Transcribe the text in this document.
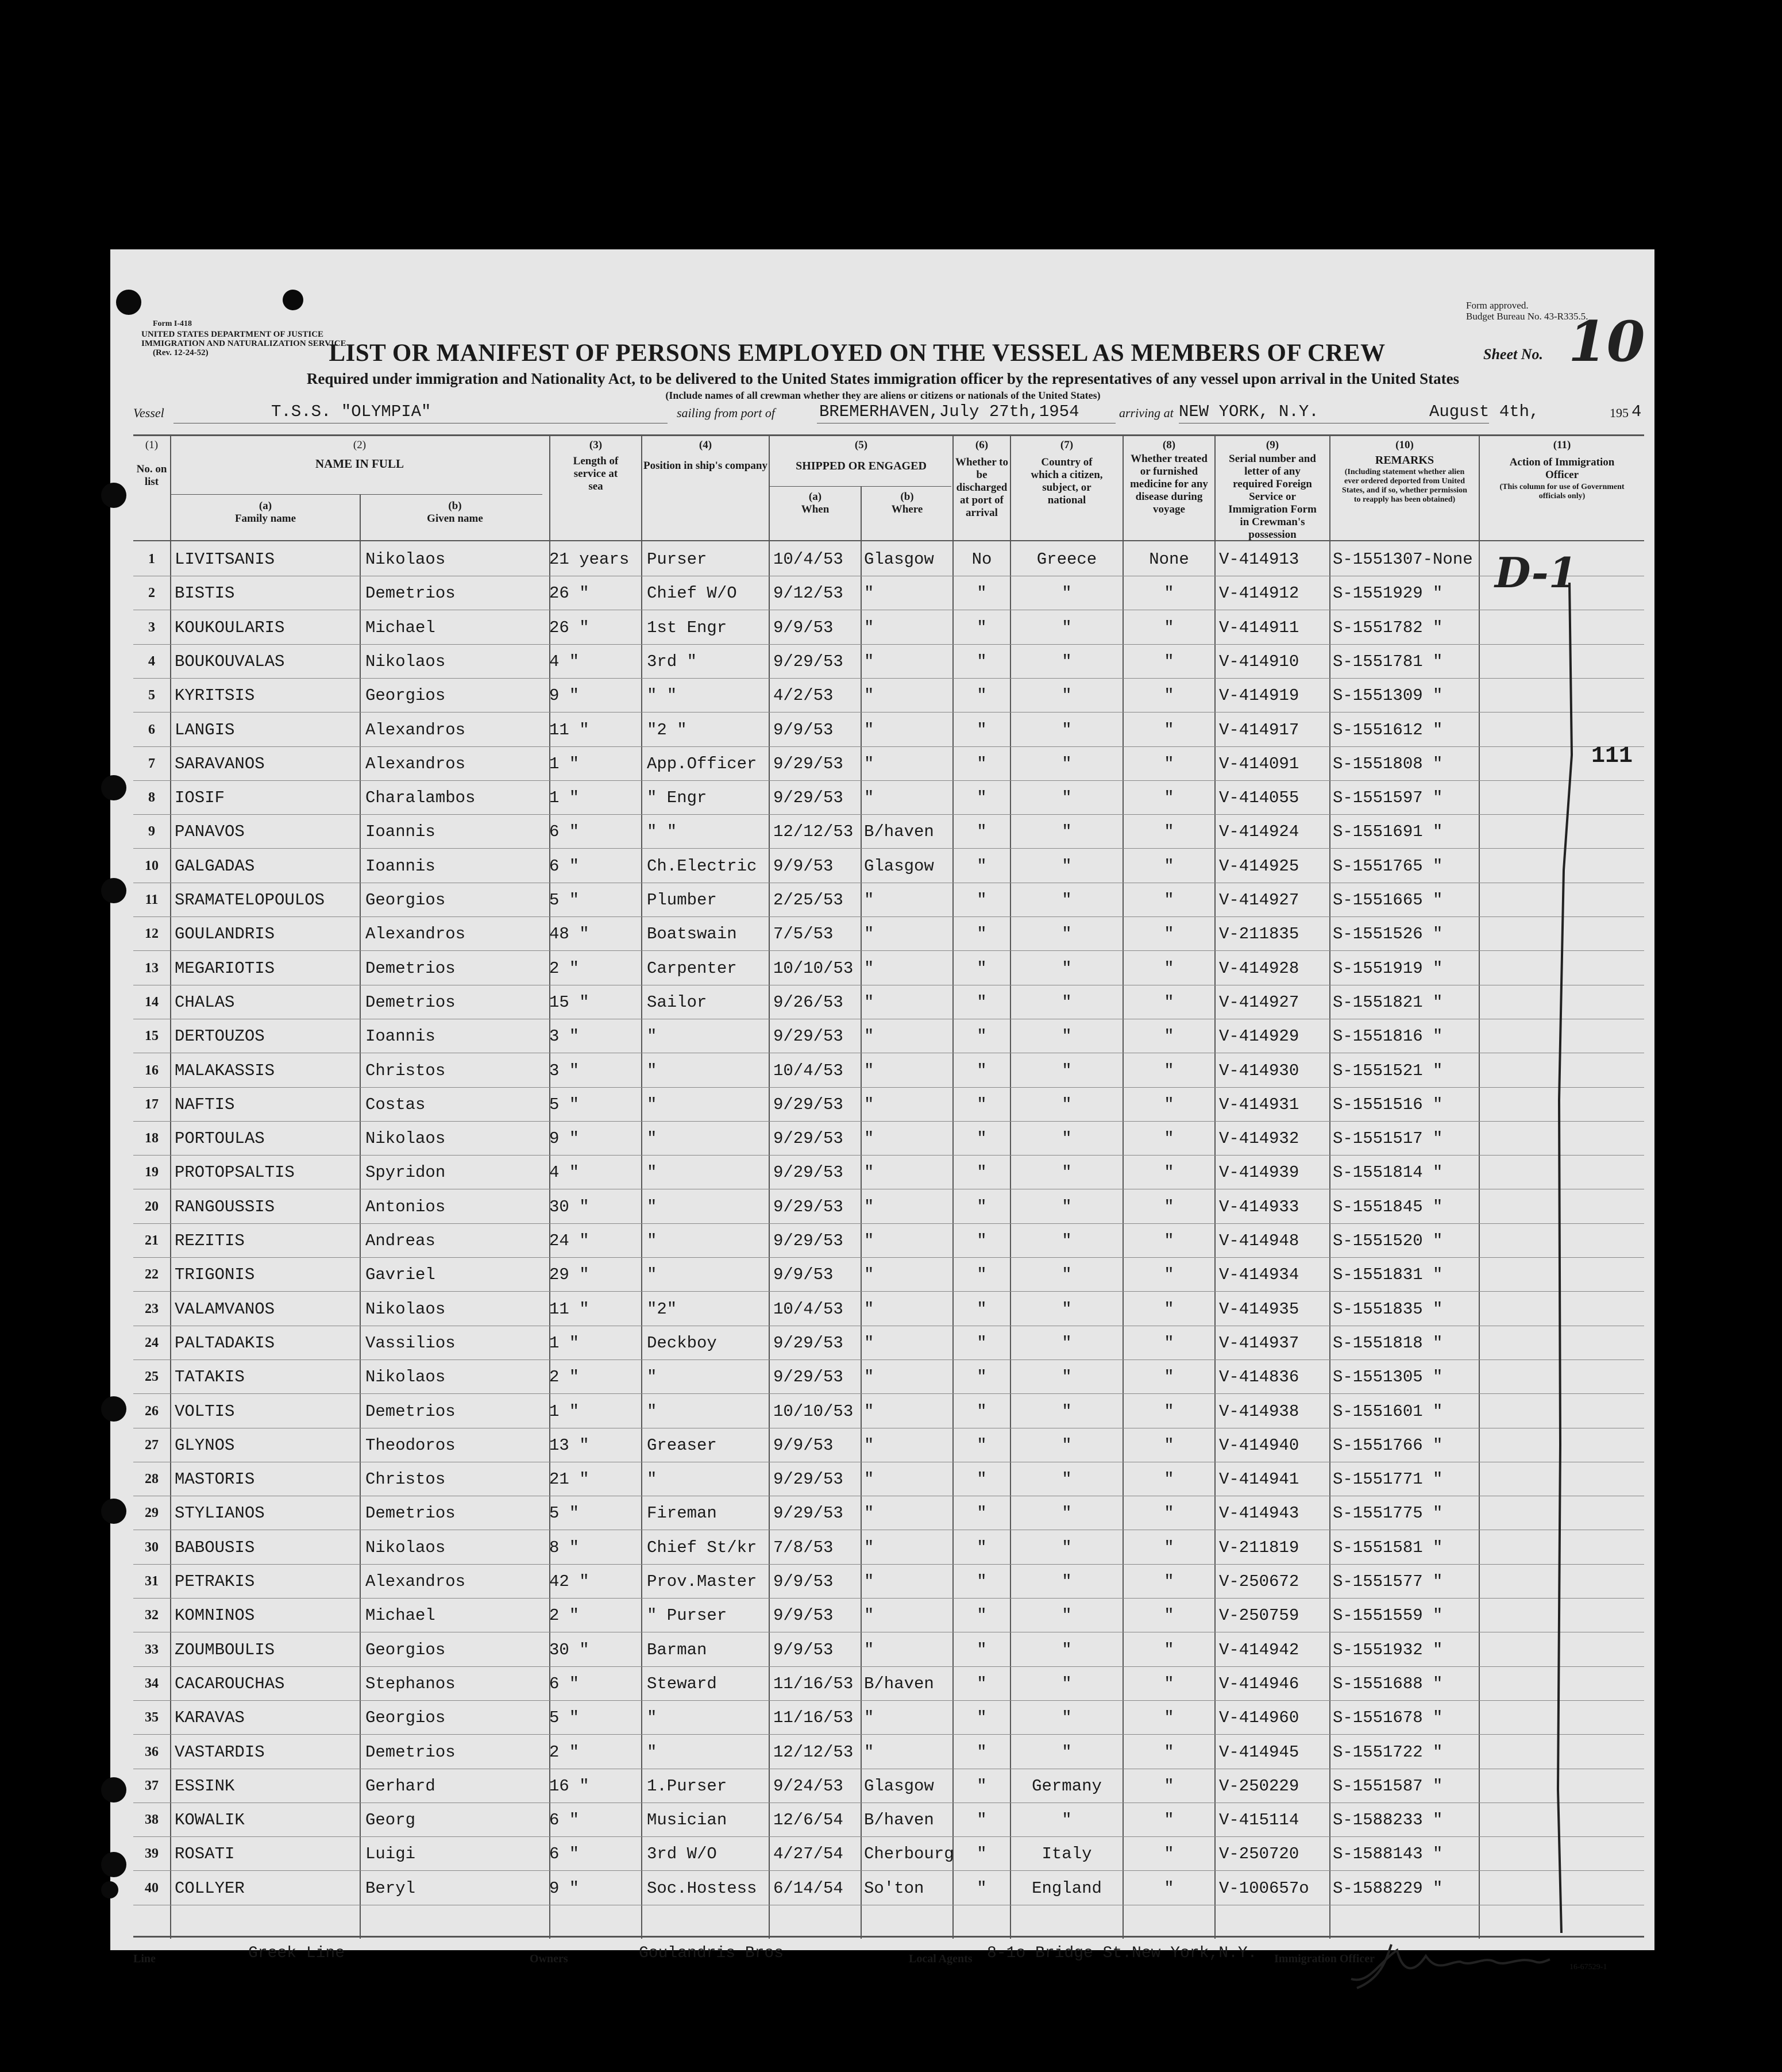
Form I-418
UNITED STATES DEPARTMENT OF JUSTICE
IMMIGRATION AND NATURALIZATION SERVICE
(Rev. 12-24-52)
Form approved.
Budget Bureau No. 43-R335.5.
LIST OR MANIFEST OF PERSONS EMPLOYED ON THE VESSEL AS MEMBERS OF CREW	Sheet No. 10
Required under immigration and Nationality Act, to be delivered to the United States immigration officer by the representatives of any vessel upon arrival in the United States
(Include names of all crewman whether they are aliens or citizens or nationals of the United States)
Vessel	T.S.S. "OLYMPIA"	sailing from port of	BREMERHAVEN,July 27th,1954	arriving at NEW YORK, N.Y.	August 4th,	195 4
(1)
No. on list
(2)
NAME IN FULL
(a)
Family name
(b)
Given name
(3)
Length of service at sea
(4)
Position in ship's company
(5)
SHIPPED OR ENGAGED
(a)
When
(b)
Where
(6)
Whether to be discharged at port of arrival
(7)
Country of which a citizen, subject, or national
(8)
Whether treated or furnished medicine for any disease during voyage
(9)
Serial number and letter of any required Foreign Service or Immigration Form in Crewman's possession
(10)
REMARKS
(Including statement whether alien ever ordered deported from United States, and if so, whether permission to reapply has been obtained)
(11)
Action of Immigration Officer
(This column for use of Government officials only)
1	LIVITSANIS	Nikolaos	21 years	Purser	10/4/53	Glasgow	No	Greece	None	V-414913	S-1551307-None
2	BISTIS	Demetrios	26 "	Chief W/O	9/12/53	"	"	"	"	V-414912	S-1551929 "
3	KOUKOULARIS	Michael	26 "	1st Engr	9/9/53	"	"	"	"	V-414911	S-1551782 "
4	BOUKOUVALAS	Nikolaos	4 "	3rd "	9/29/53	"	"	"	"	V-414910	S-1551781 "
5	KYRITSIS	Georgios	9 "	" "	4/2/53	"	"	"	"	V-414919	S-1551309 "
6	LANGIS	Alexandros	11 "	"2 "	9/9/53	"	"	"	"	V-414917	S-1551612 "
7	SARAVANOS	Alexandros	1 "	App.Officer 9/29/53	"	"	"	"	V-414091	S-1551808 "
8	IOSIF	Charalambos	1 "	" Engr	9/29/53	"	"	"	"	V-414055	S-1551597 "
9	PANAVOS	Ioannis	6 "	" "	12/12/53 B/haven	"	"	"	V-414924	S-1551691 "
10 GALGADAS	Ioannis	6 "	Ch.Electric 9/9/53	Glasgow	"	"	"	V-414925	S-1551765 "
11 SRAMATELOPOULOS	Georgios	5 "	Plumber	2/25/53	"	"	"	"	V-414927	S-1551665 "
12 GOULANDRIS	Alexandros	48 "	Boatswain	7/5/53	"	"	"	"	V-211835	S-1551526 "
13 MEGARIOTIS	Demetrios	2 "	Carpenter	10/10/53 "	"	"	"	V-414928	S-1551919 "
14 CHALAS	Demetrios	15 "	Sailor	9/26/53	"	"	"	"	V-414927	S-1551821 "
15 DERTOUZOS	Ioannis	3 "	"	9/29/53	"	"	"	"	V-414929	S-1551816 "
16 MALAKASSIS	Christos	3 "	"	10/4/53	"	"	"	"	V-414930	S-1551521 "
17 NAFTIS	Costas	5 "	"	9/29/53	"	"	"	"	V-414931	S-1551516 "
18 PORTOULAS	Nikolaos	9 "	"	9/29/53	"	"	"	"	V-414932	S-1551517 "
19 PROTOPSALTIS	Spyridon	4 "	"	9/29/53	"	"	"	"	V-414939	S-1551814 "
20 RANGOUSSIS	Antonios	30 "	"	9/29/53	"	"	"	"	V-414933	S-1551845 "
21 REZITIS	Andreas	24 "	"	9/29/53	"	"	"	"	V-414948	S-1551520 "
22 TRIGONIS	Gavriel	29 "	"	9/9/53	"	"	"	"	V-414934	S-1551831 "
23 VALAMVANOS	Nikolaos	11 "	"2"	10/4/53	"	"	"	"	V-414935	S-1551835 "
24 PALTADAKIS	Vassilios	1 "	Deckboy	9/29/53	"	"	"	"	V-414937	S-1551818 "
25 TATAKIS	Nikolaos	2 "	"	9/29/53	"	"	"	"	V-414836	S-1551305 "
26 VOLTIS	Demetrios	1 "	"	10/10/53 "	"	"	"	V-414938	S-1551601 "
27 GLYNOS	Theodoros	13 "	Greaser	9/9/53	"	"	"	"	V-414940	S-1551766 "
28 MASTORIS	Christos	21 "	"	9/29/53	"	"	"	"	V-414941	S-1551771 "
29 STYLIANOS	Demetrios	5 "	Fireman	9/29/53	"	"	"	"	V-414943	S-1551775 "
30 BABOUSIS	Nikolaos	8 "	Chief St/kr 7/8/53	"	"	"	"	V-211819	S-1551581 "
31 PETRAKIS	Alexandros	42 "	Prov.Master 9/9/53	"	"	"	"	V-250672	S-1551577 "
32 KOMNINOS	Michael	2 "	" Purser	9/9/53	"	"	"	"	V-250759	S-1551559 "
33 ZOUMBOULIS	Georgios	30 "	Barman	9/9/53	"	"	"	"	V-414942	S-1551932 "
34 CACAROUCHAS	Stephanos	6 "	Steward	11/16/53 B/haven	"	"	"	V-414946	S-1551688 "
35 KARAVAS	Georgios	5 "	"	11/16/53 "	"	"	"	V-414960	S-1551678 "
36 VASTARDIS	Demetrios	2 "	"	12/12/53 "	"	"	"	V-414945	S-1551722 "
37 ESSINK	Gerhard	16 "	1.Purser	9/24/53	Glasgow	"	Germany	"	V-250229	S-1551587 "
38 KOWALIK	Georg	6 "	Musician	12/6/54	B/haven	"	"	"	V-415114	S-1588233 "
39 ROSATI	Luigi	6 "	3rd W/O	4/27/54	Cherbourg	"	Italy	"	V-250720	S-1588143 "
40 COLLYER	Beryl	9 "	Soc.Hostess 6/14/54	So'ton	"	England	"	V-100657o	S-1588229 "
D-1
111
Line	Greek Line	Owners	Goulandris Bros	Local Agents 8-1o Bridge St.New York,N.Y. Immigration Officer
16-67529-1
